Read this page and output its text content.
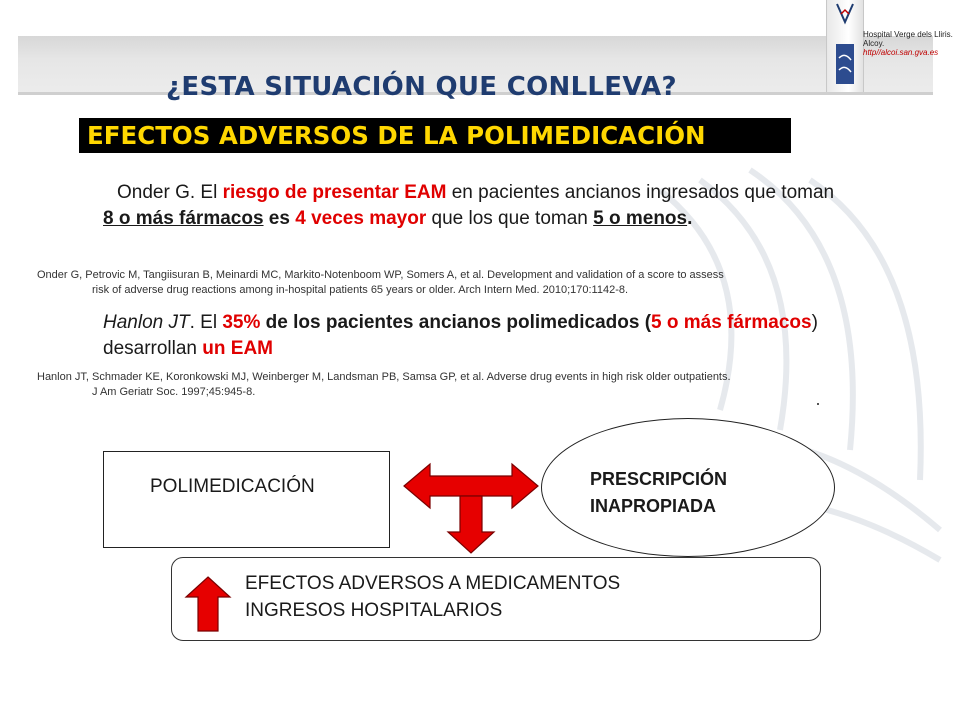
Hospital Verge dels Lliris.
Alcoy.
http//alcoi.san.gva.es
¿ESTA SITUACIÓN QUE CONLLEVA?
EFECTOS ADVERSOS DE LA POLIMEDICACIÓN
Onder G. El riesgo de presentar EAM en pacientes ancianos ingresados que toman 8 o más fármacos es 4 veces mayor que los que toman 5 o menos.
Onder G, Petrovic M, Tangiisuran B, Meinardi MC, Markito-Notenboom WP, Somers A, et al. Development and validation of a score to assess
risk of adverse drug reactions among in-hospital patients 65 years or older. Arch Intern Med. 2010;170:1142-8.
Hanlon JT. El 35% de los pacientes ancianos polimedicados (5 o más fármacos) desarrollan un EAM
Hanlon JT, Schmader KE, Koronkowski MJ, Weinberger M, Landsman PB, Samsa GP, et al. Adverse drug events in high risk older outpatients.
J Am Geriatr Soc. 1997;45:945-8.
POLIMEDICACIÓN	PRESCRIPCIÓN
INAPROPIADA
EFECTOS ADVERSOS A MEDICAMENTOS
INGRESOS HOSPITALARIOS
